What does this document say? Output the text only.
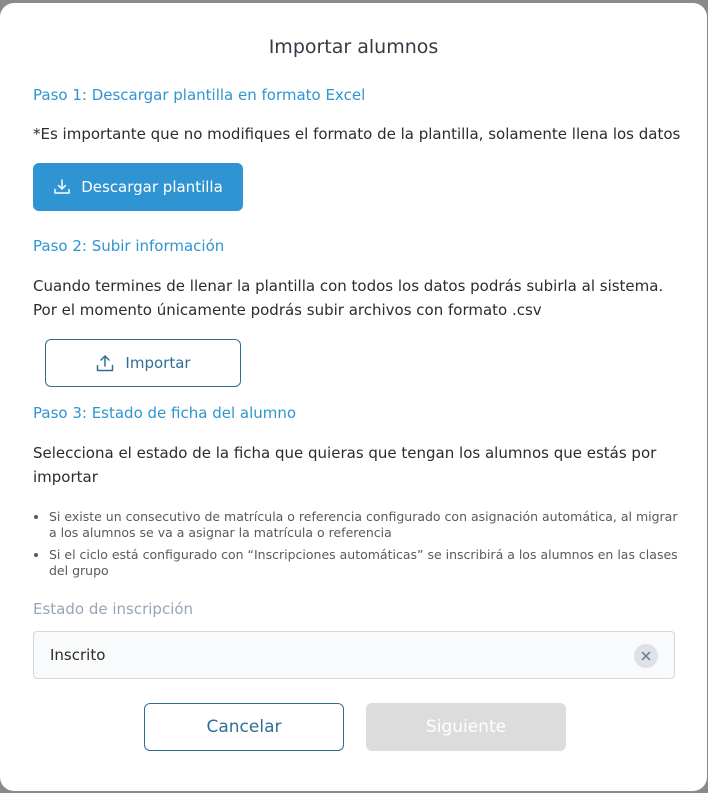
Importar alumnos
Paso 1: Descargar plantilla en formato Excel
*Es importante que no modifiques el formato de la plantilla, solamente llena los datos
Descargar plantilla
Paso 2: Subir información
Cuando termines de llenar la plantilla con todos los datos podrás subirla al sistema. Por el momento únicamente podrás subir archivos con formato .csv
Importar
Paso 3: Estado de ficha del alumno
Selecciona el estado de la ficha que quieras que tengan los alumnos que estás por importar
• Si existe un consecutivo de matrícula o referencia configurado con asignación automática, al migrar a los alumnos se va a asignar la matrícula o referencia
• Si el ciclo está configurado con “Inscripciones automáticas” se inscribirá a los alumnos en las clases del grupo
Estado de inscripción
Inscrito
Cancelar	Siguiente
